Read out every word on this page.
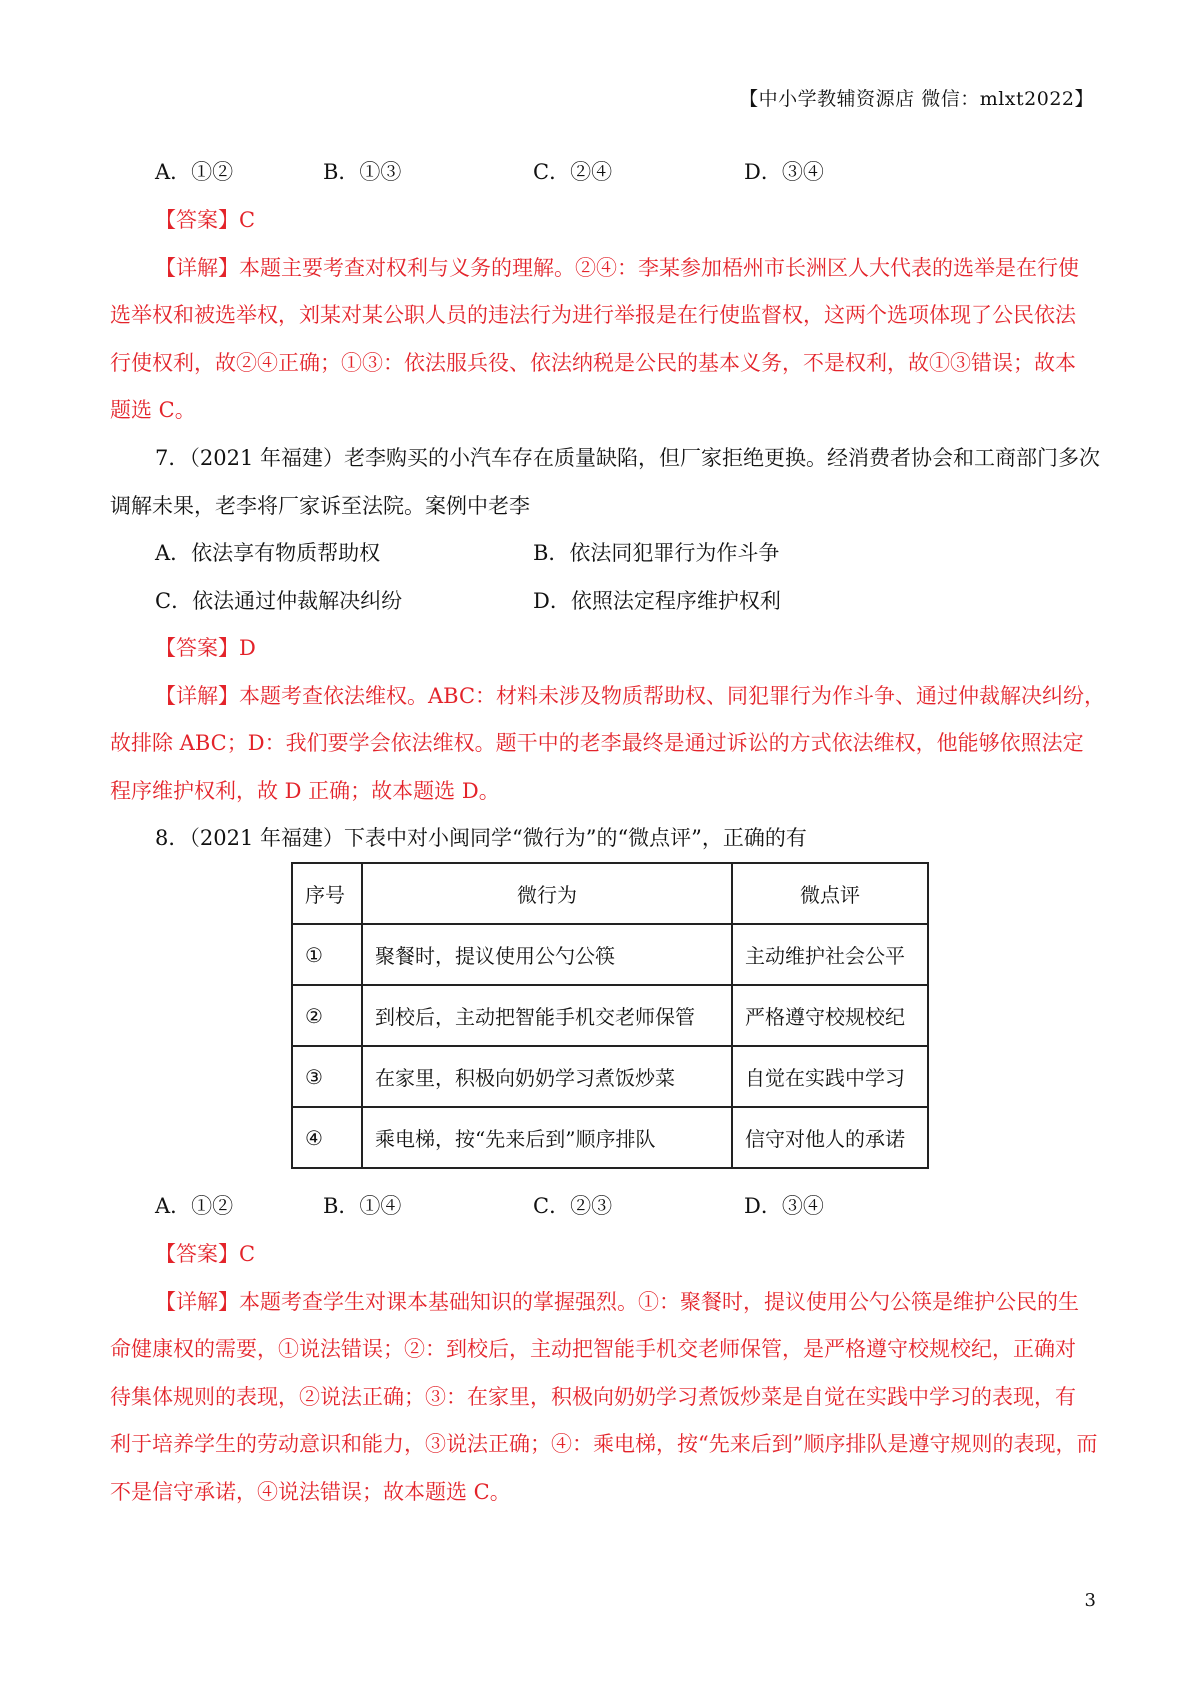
【中小学教辅资源店 微信：mlxt2022】
A．①②	B．①③	C．②④	D．③④
【答案】C
【详解】本题主要考查对权利与义务的理解。②④：李某参加梧州市长洲区人大代表的选举是在行使
选举权和被选举权，刘某对某公职人员的违法行为进行举报是在行使监督权，这两个选项体现了公民依法
行使权利，故②④正确；①③：依法服兵役、依法纳税是公民的基本义务，不是权利，故①③错误；故本
题选 C。
7．（2021 年福建）老李购买的小汽车存在质量缺陷，但厂家拒绝更换。经消费者协会和工商部门多次
调解未果，老李将厂家诉至法院。案例中老李
A．依法享有物质帮助权	B．依法同犯罪行为作斗争
C．依法通过仲裁解决纠纷	D．依照法定程序维护权利
【答案】D
【详解】本题考查依法维权。ABC：材料未涉及物质帮助权、同犯罪行为作斗争、通过仲裁解决纠纷，
故排除 ABC；D：我们要学会依法维权。题干中的老李最终是通过诉讼的方式依法维权，他能够依照法定
程序维护权利，故 D 正确；故本题选 D。
8．（2021 年福建）下表中对小闽同学“微行为”的“微点评”，正确的有
序号	微行为	微点评
①	聚餐时，提议使用公勺公筷	主动维护社会公平
②	到校后，主动把智能手机交老师保管	严格遵守校规校纪
③	在家里，积极向奶奶学习煮饭炒菜	自觉在实践中学习
④	乘电梯，按“先来后到”顺序排队	信守对他人的承诺
A．①②	B．①④	C．②③	D．③④
【答案】C
【详解】本题考查学生对课本基础知识的掌握强烈。①：聚餐时，提议使用公勺公筷是维护公民的生
命健康权的需要，①说法错误；②：到校后，主动把智能手机交老师保管，是严格遵守校规校纪，正确对
待集体规则的表现，②说法正确；③：在家里，积极向奶奶学习煮饭炒菜是自觉在实践中学习的表现，有
利于培养学生的劳动意识和能力，③说法正确；④：乘电梯，按“先来后到”顺序排队是遵守规则的表现，而
不是信守承诺，④说法错误；故本题选 C。
3
